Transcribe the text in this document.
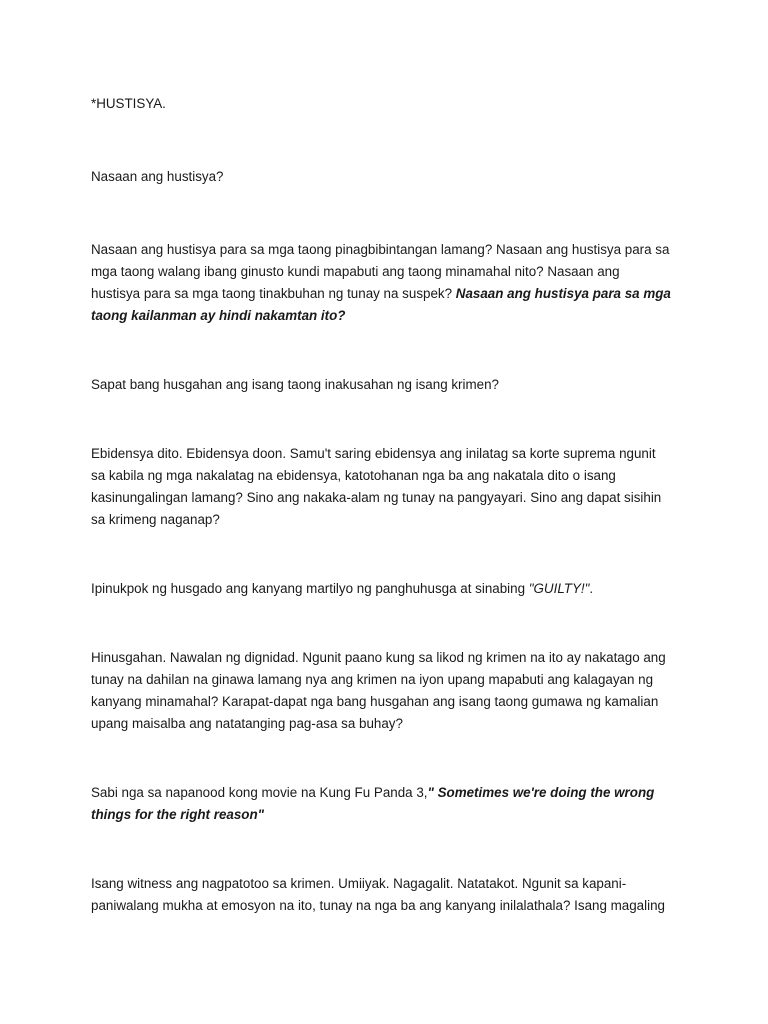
*HUSTISYA.

Nasaan ang hustisya?

Nasaan ang hustisya para sa mga taong pinagbibintangan lamang? Nasaan ang hustisya para sa
mga taong walang ibang ginusto kundi mapabuti ang taong minamahal nito? Nasaan ang
hustisya para sa mga taong tinakbuhan ng tunay na suspek? Nasaan ang hustisya para sa mga
taong kailanman ay hindi nakamtan ito?

Sapat bang husgahan ang isang taong inakusahan ng isang krimen?

Ebidensya dito. Ebidensya doon. Samu't saring ebidensya ang inilatag sa korte suprema ngunit
sa kabila ng mga nakalatag na ebidensya, katotohanan nga ba ang nakatala dito o isang
kasinungalingan lamang? Sino ang nakaka-alam ng tunay na pangyayari. Sino ang dapat sisihin
sa krimeng naganap?

Ipinukpok ng husgado ang kanyang martilyo ng panghuhusga at sinabing "GUILTY!".

Hinusgahan. Nawalan ng dignidad. Ngunit paano kung sa likod ng krimen na ito ay nakatago ang
tunay na dahilan na ginawa lamang nya ang krimen na iyon upang mapabuti ang kalagayan ng
kanyang minamahal? Karapat-dapat nga bang husgahan ang isang taong gumawa ng kamalian
upang maisalba ang natatanging pag-asa sa buhay?

Sabi nga sa napanood kong movie na Kung Fu Panda 3," Sometimes we're doing the wrong
things for the right reason"

Isang witness ang nagpatotoo sa krimen. Umiiyak. Nagagalit. Natatakot. Ngunit sa kapani-
paniwalang mukha at emosyon na ito, tunay na nga ba ang kanyang inilalathala? Isang magaling
